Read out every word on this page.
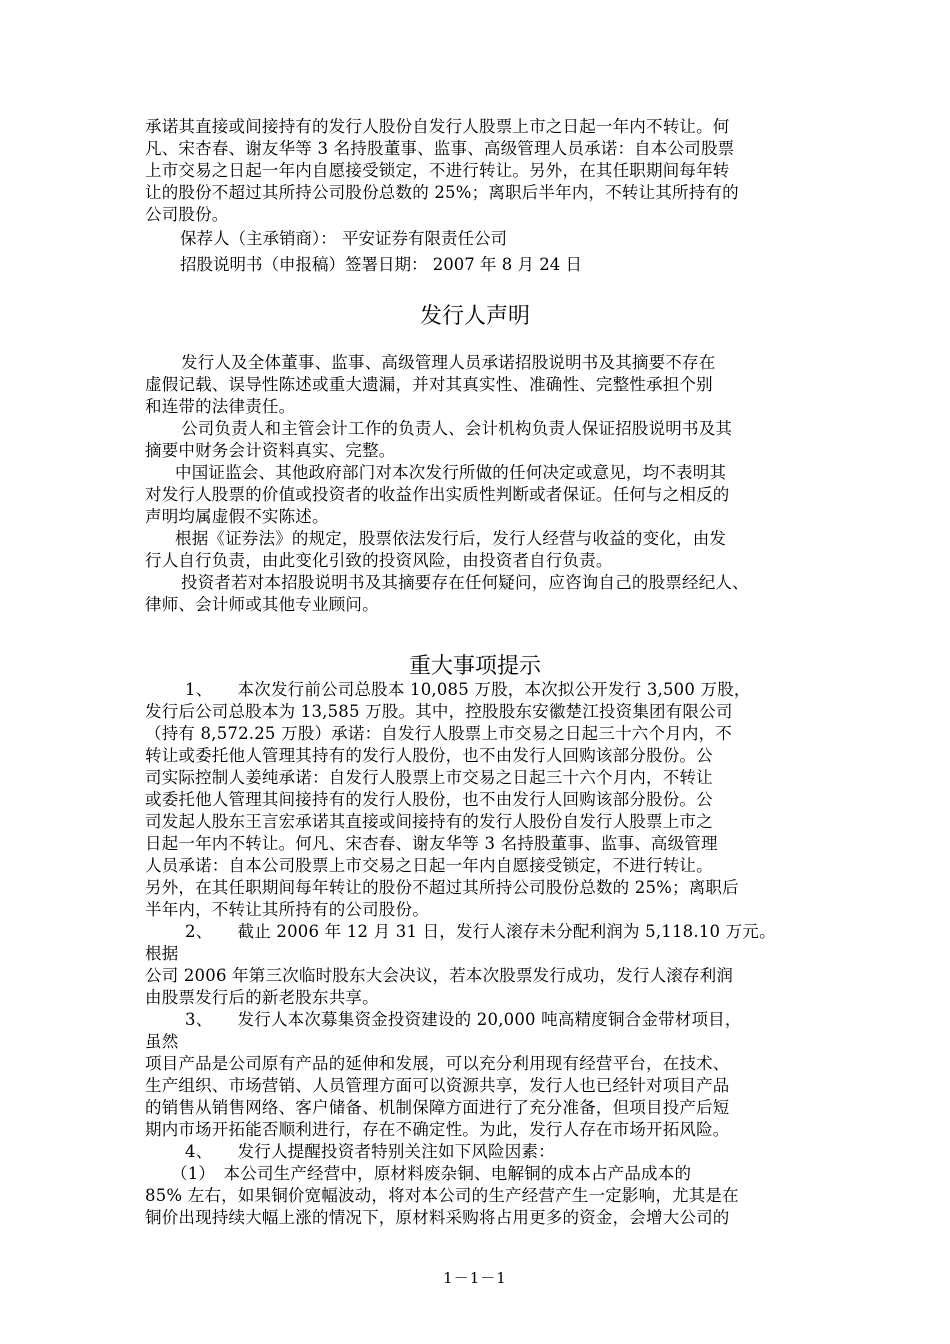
承诺其直接或间接持有的发行人股份自发行人股票上市之日起一年内不转让。何
凡、宋杏春、谢友华等 3 名持股董事、监事、高级管理人员承诺：自本公司股票
上市交易之日起一年内自愿接受锁定，不进行转让。另外，在其任职期间每年转
让的股份不超过其所持公司股份总数的 25%；离职后半年内，不转让其所持有的
公司股份。
保荐人（主承销商）： 平安证券有限责任公司
招股说明书（申报稿）签署日期： 2007 年 8 月 24 日
发行人声明
发行人及全体董事、监事、高级管理人员承诺招股说明书及其摘要不存在
虚假记载、误导性陈述或重大遗漏，并对其真实性、准确性、完整性承担个别
和连带的法律责任。
公司负责人和主管会计工作的负责人、会计机构负责人保证招股说明书及其
摘要中财务会计资料真实、完整。
中国证监会、其他政府部门对本次发行所做的任何决定或意见，均不表明其
对发行人股票的价值或投资者的收益作出实质性判断或者保证。任何与之相反的
声明均属虚假不实陈述。
根据《证券法》的规定，股票依法发行后，发行人经营与收益的变化，由发
行人自行负责，由此变化引致的投资风险，由投资者自行负责。
投资者若对本招股说明书及其摘要存在任何疑问，应咨询自己的股票经纪人、
律师、会计师或其他专业顾问。
重大事项提示
1、　　本次发行前公司总股本 10,085 万股，本次拟公开发行 3,500 万股，
发行后公司总股本为 13,585 万股。其中，控股股东安徽楚江投资集团有限公司
（持有 8,572.25 万股）承诺：自发行人股票上市交易之日起三十六个月内，不
转让或委托他人管理其持有的发行人股份，也不由发行人回购该部分股份。公
司实际控制人姜纯承诺：自发行人股票上市交易之日起三十六个月内，不转让
或委托他人管理其间接持有的发行人股份，也不由发行人回购该部分股份。公
司发起人股东王言宏承诺其直接或间接持有的发行人股份自发行人股票上市之
日起一年内不转让。何凡、宋杏春、谢友华等 3 名持股董事、监事、高级管理
人员承诺：自本公司股票上市交易之日起一年内自愿接受锁定，不进行转让。
另外，在其任职期间每年转让的股份不超过其所持公司股份总数的 25%；离职后
半年内，不转让其所持有的公司股份。
2、　　截止 2006 年 12 月 31 日，发行人滚存未分配利润为 5,118.10 万元。
根据
公司 2006 年第三次临时股东大会决议，若本次股票发行成功，发行人滚存利润
由股票发行后的新老股东共享。
3、　　发行人本次募集资金投资建设的 20,000 吨高精度铜合金带材项目，
虽然
项目产品是公司原有产品的延伸和发展，可以充分利用现有经营平台，在技术、
生产组织、市场营销、人员管理方面可以资源共享，发行人也已经针对项目产品
的销售从销售网络、客户储备、机制保障方面进行了充分准备，但项目投产后短
期内市场开拓能否顺利进行，存在不确定性。为此，发行人存在市场开拓风险。
4、　　发行人提醒投资者特别关注如下风险因素：
（1）　本公司生产经营中，原材料废杂铜、电解铜的成本占产品成本的
85% 左右，如果铜价宽幅波动，将对本公司的生产经营产生一定影响，尤其是在
铜价出现持续大幅上涨的情况下，原材料采购将占用更多的资金，会增大公司的
1－1－1
